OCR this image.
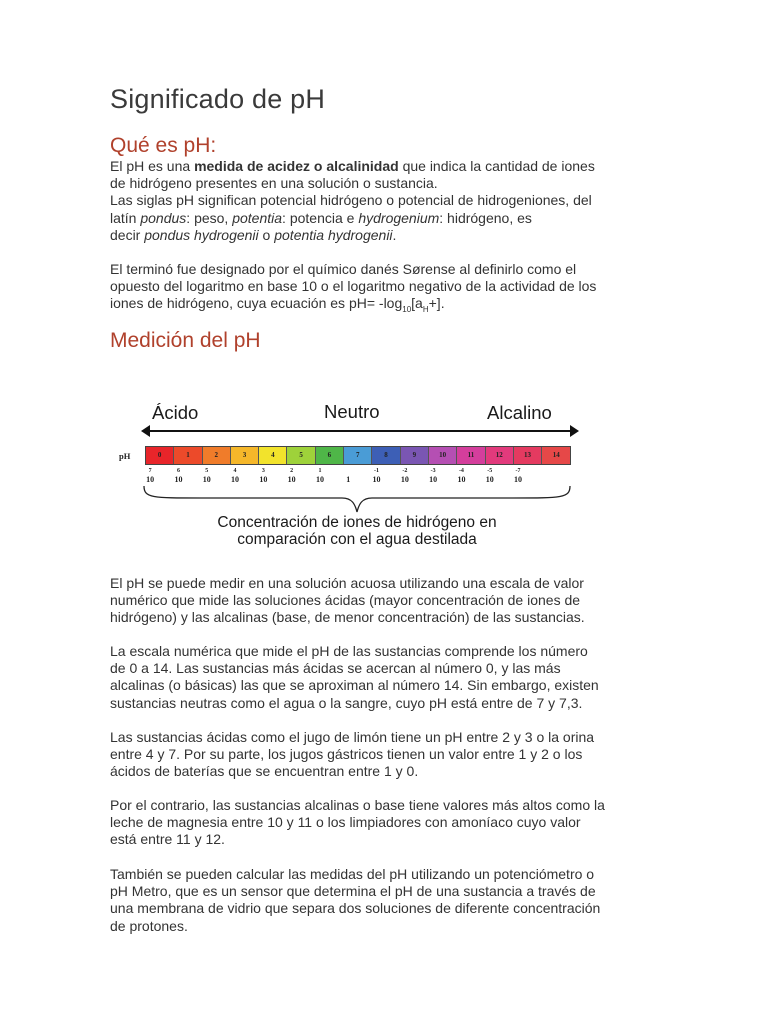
Significado de pH
Qué es pH:
El pH es una medida de acidez o alcalinidad que indica la cantidad de iones
de hidrógeno presentes en una solución o sustancia.
Las siglas pH significan potencial hidrógeno o potencial de hidrogeniones, del
latín pondus: peso, potentia: potencia e hydrogenium: hidrógeno, es
decir pondus hydrogenii o potentia hydrogenii.
El terminó fue designado por el químico danés Sørense al definirlo como el
opuesto del logaritmo en base 10 o el logaritmo negativo de la actividad de los
iones de hidrógeno, cuya ecuación es $pH= -\log_{10}[a_H+]$.
Medición del pH
El pH se puede medir en una solución acuosa utilizando una escala de valor
numérico que mide las soluciones ácidas (mayor concentración de iones de
hidrógeno) y las alcalinas (base, de menor concentración) de las sustancias.
La escala numérica que mide el pH de las sustancias comprende los número
de 0 a 14. Las sustancias más ácidas se acercan al número 0, y las más
alcalinas (o básicas) las que se aproximan al número 14. Sin embargo, existen
sustancias neutras como el agua o la sangre, cuyo pH está entre de 7 y 7,3.
Las sustancias ácidas como el jugo de limón tiene un pH entre 2 y 3 o la orina
entre 4 y 7. Por su parte, los jugos gástricos tienen un valor entre 1 y 2 o los
ácidos de baterías que se encuentran entre 1 y 0.
Por el contrario, las sustancias alcalinas o base tiene valores más altos como la
leche de magnesia entre 10 y 11 o los limpiadores con amoníaco cuyo valor
está entre 11 y 12.
También se pueden calcular las medidas del pH utilizando un potenciómetro o
pH Metro, que es un sensor que determina el pH de una sustancia a través de
una membrana de vidrio que separa dos soluciones de diferente concentración
de protones.
Ácido	Neutro	Alcalino
pH	0	1	2	3	4	5	6	7	8	9	10	11	12	13	14
7
10
6
10
5
10
4
10
3
10
2
10
1
10
	1
-1
10
-2
10
-3
10
-4
10
-5
10
-7
10
Concentración de iones de hidrógeno en
comparación con el agua destilada
